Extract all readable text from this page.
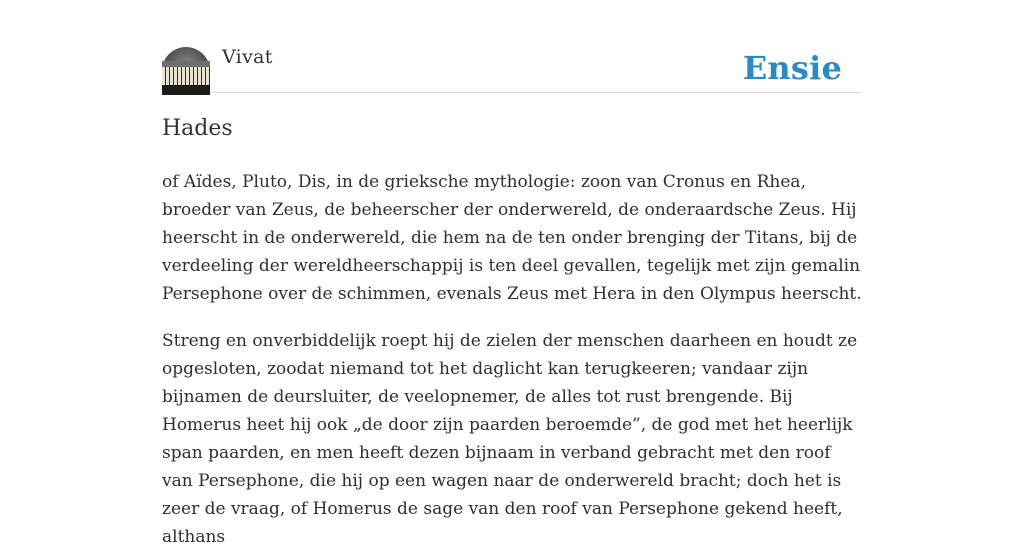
Vivat	Ensie
Hades

of Aïdes, Pluto, Dis, in de grieksche mythologie: zoon van Cronus en Rhea, broeder van Zeus, de beheerscher der onderwereld, de onderaardsche Zeus. Hij heerscht in de onderwereld, die hem na de ten onder brenging der Titans, bij de verdeeling der wereldheerschappij is ten deel gevallen, tegelijk met zijn gemalin Persephone over de schimmen, evenals Zeus met Hera in den Olympus heerscht.

Streng en onverbiddelijk roept hij de zielen der menschen daarheen en houdt ze opgesloten, zoodat niemand tot het daglicht kan terugkeeren; vandaar zijn bijnamen de deursluiter, de veelopnemer, de alles tot rust brengende. Bij Homerus heet hij ook „de door zijn paarden beroemde”, de god met het heerlijk span paarden, en men heeft dezen bijnaam in verband gebracht met den roof van Persephone, die hij op een wagen naar de onderwereld bracht; doch het is zeer de vraag, of Homerus de sage van den roof van Persephone gekend heeft, althans
